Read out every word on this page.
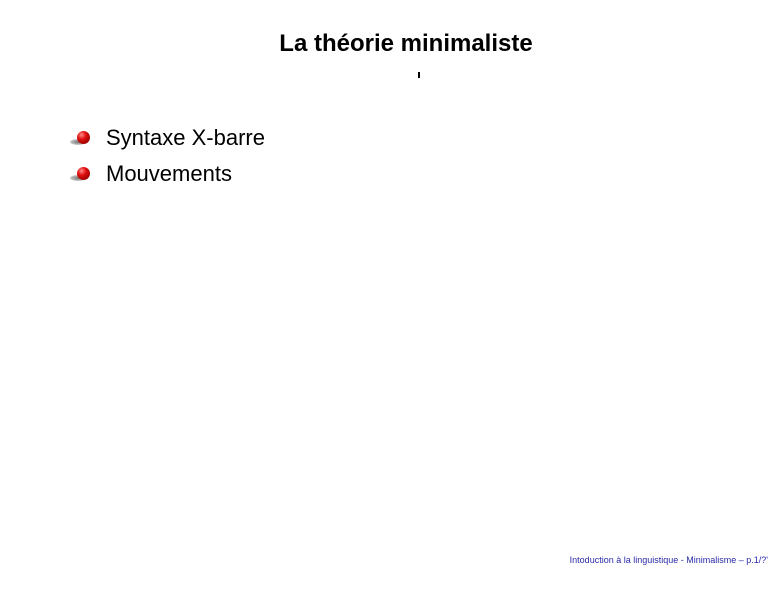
La théorie minimaliste
Syntaxe X-barre
Mouvements
Intoduction à la linguistique - Minimalisme – p.1/?'
